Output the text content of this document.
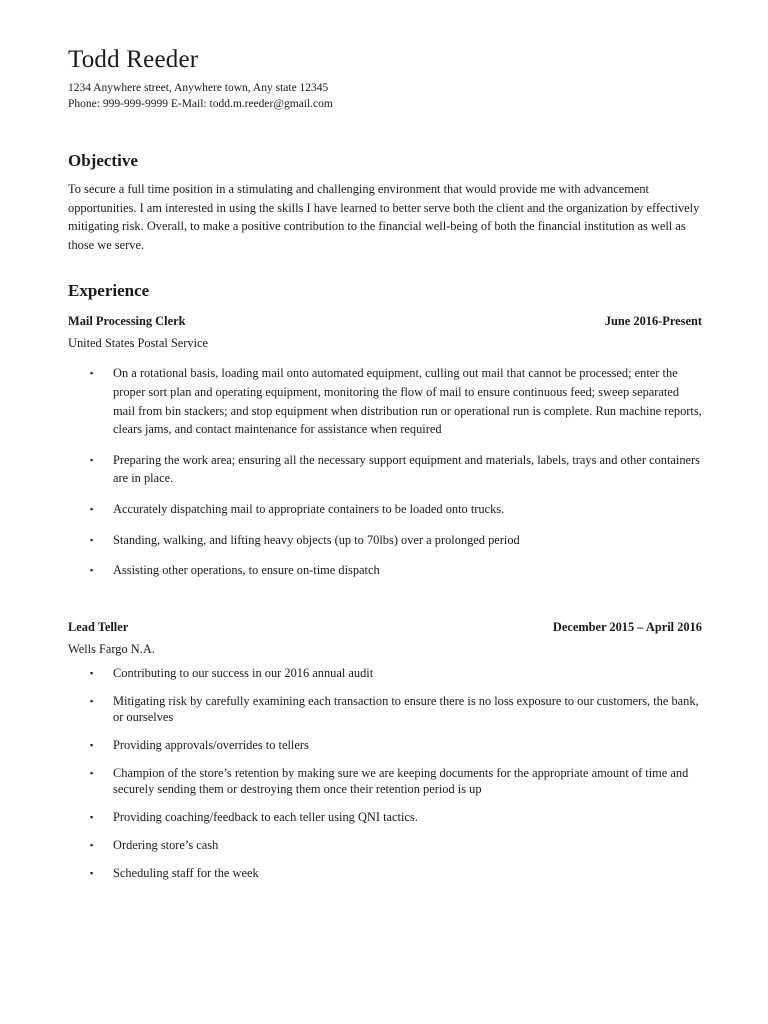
Todd Reeder
1234 Anywhere street, Anywhere town, Any state 12345
Phone: 999-999-9999 E-Mail: todd.m.reeder@gmail.com
Objective
To secure a full time position in a stimulating and challenging environment that would provide me with advancement opportunities. I am interested in using the skills I have learned to better serve both the client and the organization by effectively mitigating risk. Overall, to make a positive contribution to the financial well-being of both the financial institution as well as those we serve.
Experience
Mail Processing Clerk	June 2016-Present
United States Postal Service
▪ On a rotational basis, loading mail onto automated equipment, culling out mail that cannot be processed; enter the proper sort plan and operating equipment, monitoring the flow of mail to ensure continuous feed; sweep separated mail from bin stackers; and stop equipment when distribution run or operational run is complete. Run machine reports, clears jams, and contact maintenance for assistance when required
▪ Preparing the work area; ensuring all the necessary support equipment and materials, labels, trays and other containers are in place.
▪ Accurately dispatching mail to appropriate containers to be loaded onto trucks.
▪ Standing, walking, and lifting heavy objects (up to 70lbs) over a prolonged period
▪ Assisting other operations, to ensure on-time dispatch
Lead Teller	December 2015 – April 2016
Wells Fargo N.A.
▪ Contributing to our success in our 2016 annual audit
▪ Mitigating risk by carefully examining each transaction to ensure there is no loss exposure to our customers, the bank, or ourselves
▪ Providing approvals/overrides to tellers
▪ Champion of the store’s retention by making sure we are keeping documents for the appropriate amount of time and securely sending them or destroying them once their retention period is up
▪ Providing coaching/feedback to each teller using QNI tactics.
▪ Ordering store’s cash
▪ Scheduling staff for the week
